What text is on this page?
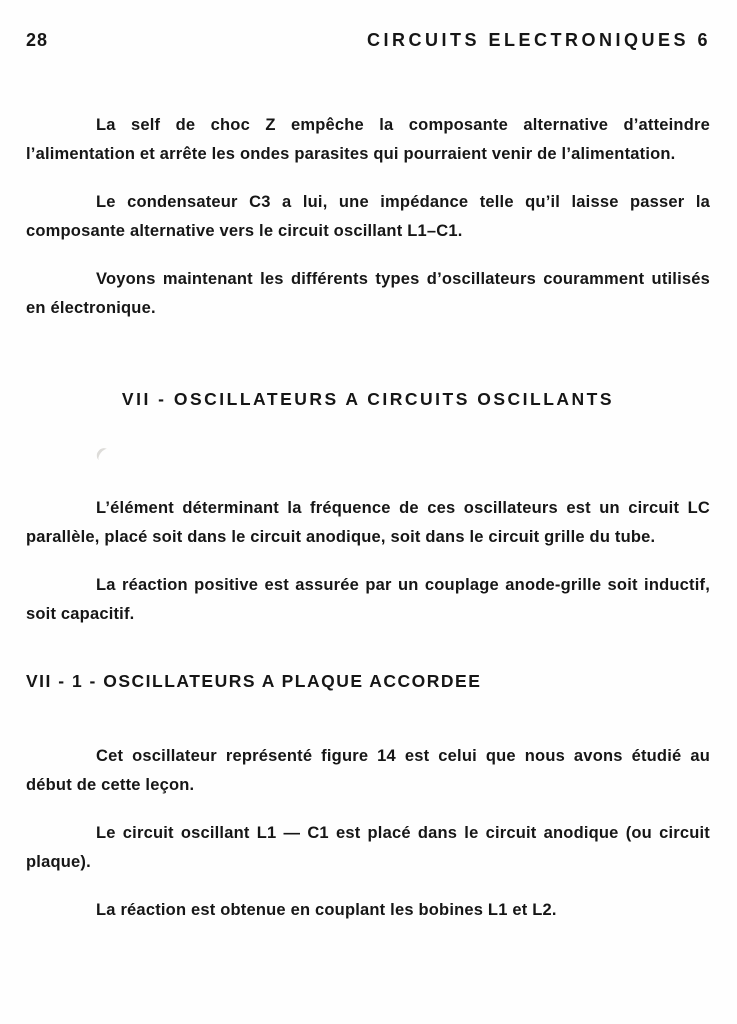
28	CIRCUITS ELECTRONIQUES 6

La self de choc Z empêche la composante alternative d’atteindre l’alimentation et arrête les ondes parasites qui pourraient venir de l’alimentation.

Le condensateur C3 a lui, une impédance telle qu’il laisse passer la composante alternative vers le circuit oscillant L1–C1.

Voyons maintenant les différents types d’oscillateurs couramment utilisés en électronique.

VII - OSCILLATEURS A CIRCUITS OSCILLANTS

L’élément déterminant la fréquence de ces oscillateurs est un circuit LC parallèle, placé soit dans le circuit anodique, soit dans le circuit grille du tube.

La réaction positive est assurée par un couplage anode-grille soit inductif, soit capacitif.

VII - 1 - OSCILLATEURS A PLAQUE ACCORDEE

Cet oscillateur représenté figure 14 est celui que nous avons étudié au début de cette leçon.

Le circuit oscillant L1 — C1 est placé dans le circuit anodique (ou circuit plaque).

La réaction est obtenue en couplant les bobines L1 et L2.
